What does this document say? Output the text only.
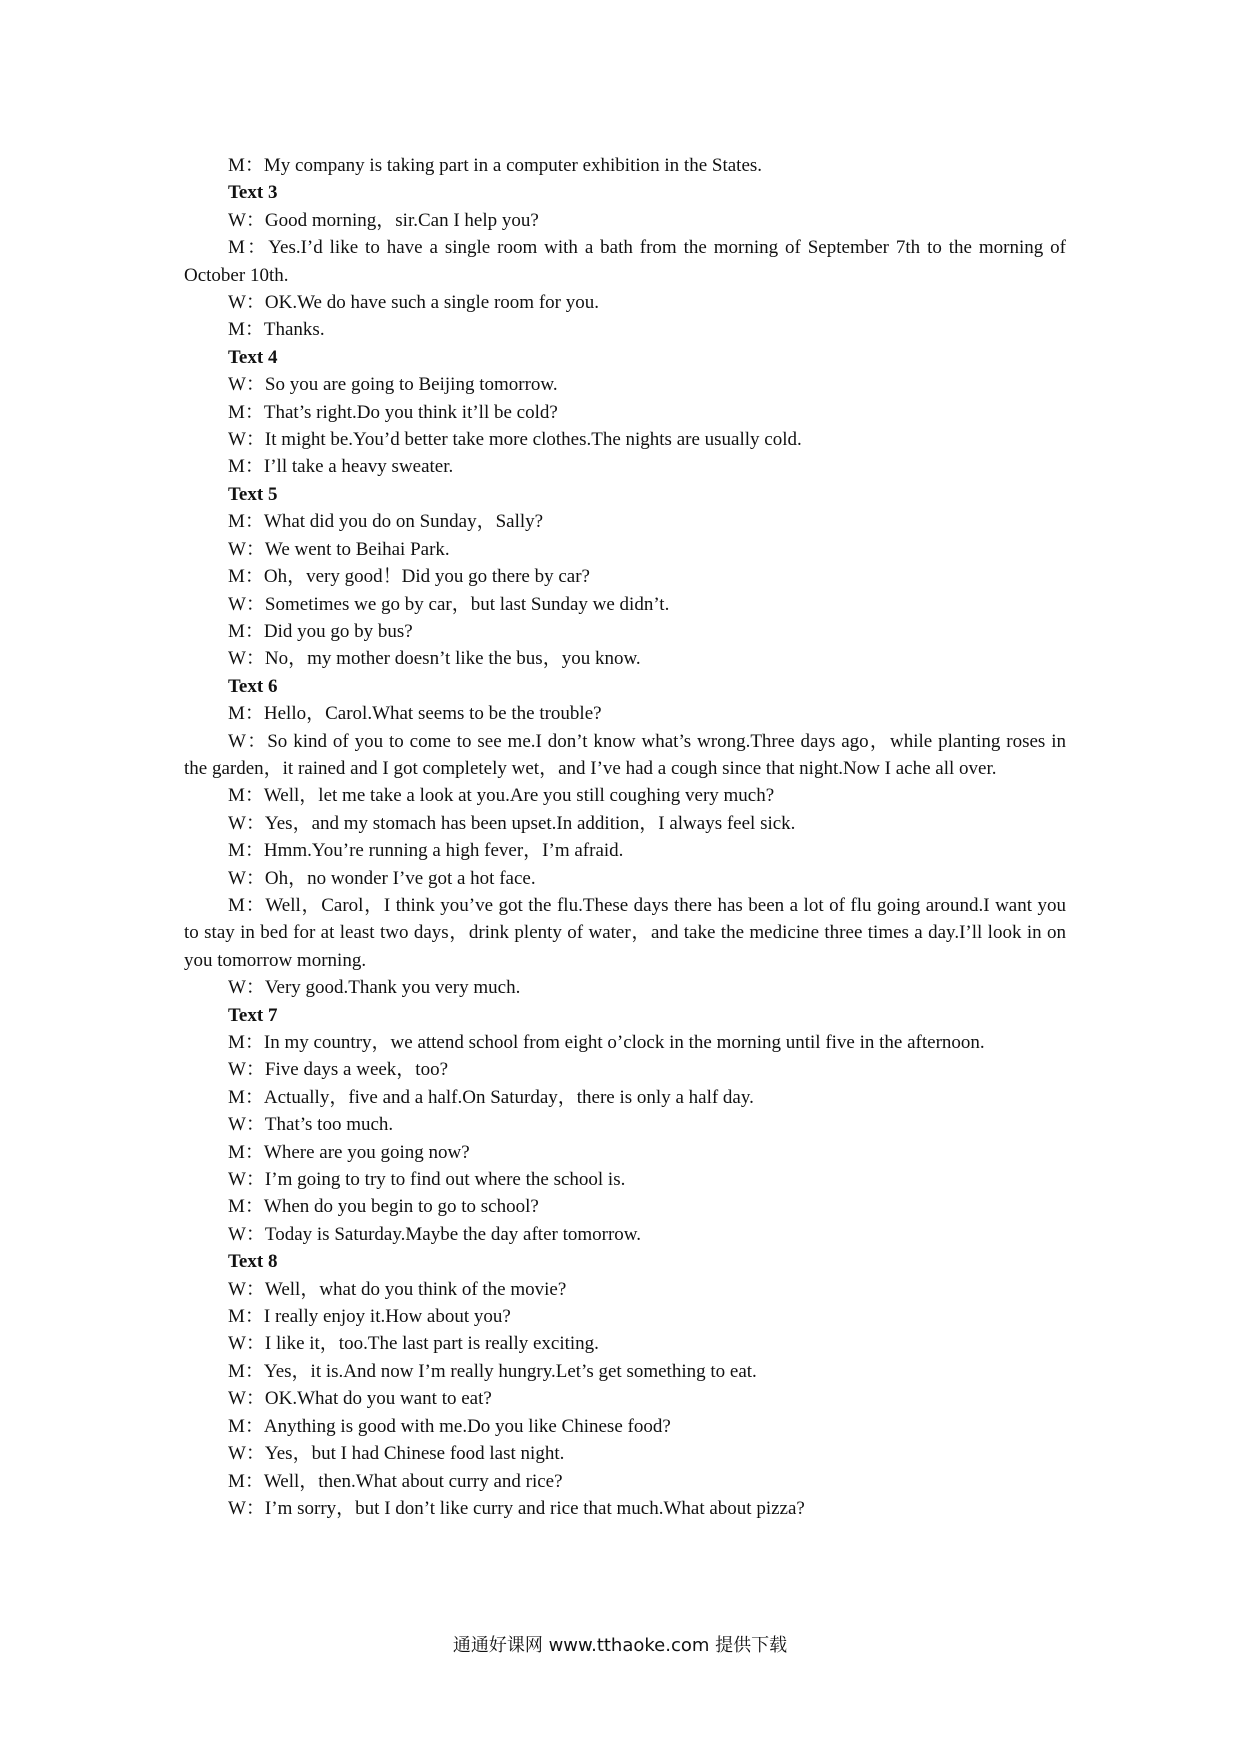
M：My company is taking part in a computer exhibition in the States.
Text 3
W：Good morning，sir.Can I help you?
M：Yes.I’d like to have a single room with a bath from the morning of September 7th to the morning of October 10th.
W：OK.We do have such a single room for you.
M：Thanks.
Text 4
W：So you are going to Beijing tomorrow.
M：That’s right.Do you think it’ll be cold?
W：It might be.You’d better take more clothes.The nights are usually cold.
M：I’ll take a heavy sweater.
Text 5
M：What did you do on Sunday，Sally?
W：We went to Beihai Park.
M：Oh，very good！Did you go there by car?
W：Sometimes we go by car，but last Sunday we didn’t.
M：Did you go by bus?
W：No，my mother doesn’t like the bus，you know.
Text 6
M：Hello，Carol.What seems to be the trouble?
W：So kind of you to come to see me.I don’t know what’s wrong.Three days ago，while planting roses in the garden，it rained and I got completely wet，and I’ve had a cough since that night.Now I ache all over.
M：Well，let me take a look at you.Are you still coughing very much?
W：Yes，and my stomach has been upset.In addition，I always feel sick.
M：Hmm.You’re running a high fever，I’m afraid.
W：Oh，no wonder I’ve got a hot face.
M：Well，Carol，I think you’ve got the flu.These days there has been a lot of flu going around.I want you to stay in bed for at least two days，drink plenty of water，and take the medicine three times a day.I’ll look in on you tomorrow morning.
W：Very good.Thank you very much.
Text 7
M：In my country，we attend school from eight o’clock in the morning until five in the afternoon.
W：Five days a week，too?
M：Actually，five and a half.On Saturday，there is only a half day.
W：That’s too much.
M：Where are you going now?
W：I’m going to try to find out where the school is.
M：When do you begin to go to school?
W：Today is Saturday.Maybe the day after tomorrow.
Text 8
W：Well，what do you think of the movie?
M：I really enjoy it.How about you?
W：I like it，too.The last part is really exciting.
M：Yes，it is.And now I’m really hungry.Let’s get something to eat.
W：OK.What do you want to eat?
M：Anything is good with me.Do you like Chinese food?
W：Yes，but I had Chinese food last night.
M：Well，then.What about curry and rice?
W：I’m sorry，but I don’t like curry and rice that much.What about pizza?
通通好课网 www.tthaoke.com 提供下载
